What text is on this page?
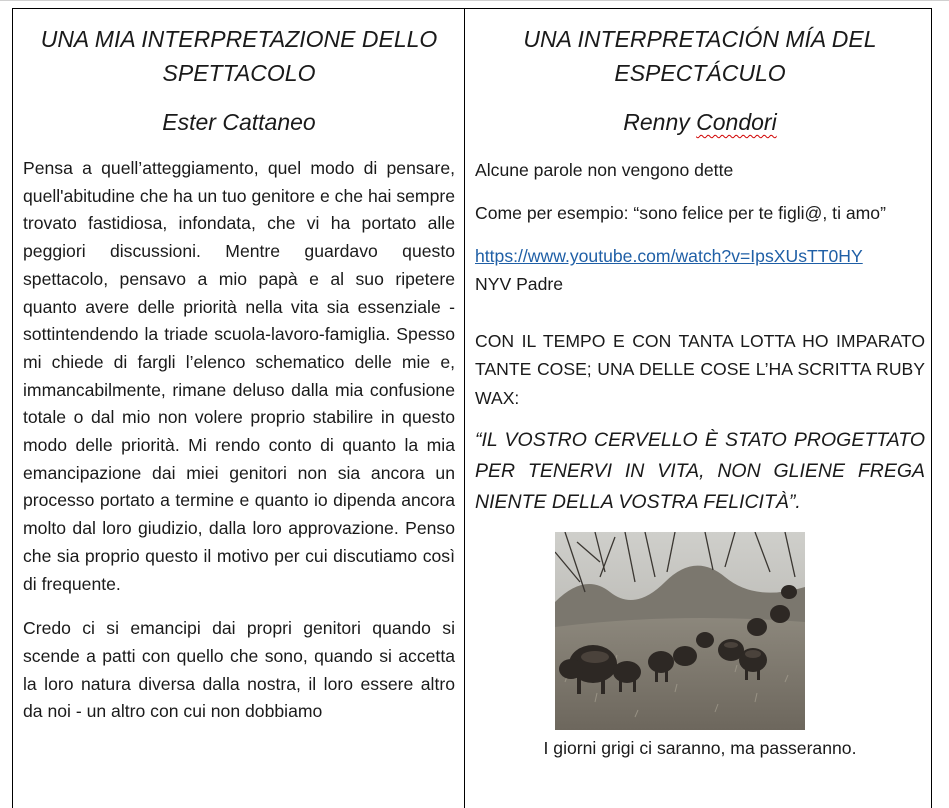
UNA MIA INTERPRETAZIONE DELLO
SPETTACOLO
Ester Cattaneo

Pensa a quell’atteggiamento, quel modo di pensare, quell'abitudine che ha un tuo genitore e che hai sempre trovato fastidiosa, infondata, che vi ha portato alle peggiori discussioni. Mentre guardavo questo spettacolo, pensavo a mio papà e al suo ripetere quanto avere delle priorità nella vita sia essenziale - sottintendendo la triade scuola-lavoro-famiglia. Spesso mi chiede di fargli l’elenco schematico delle mie e, immancabilmente, rimane deluso dalla mia confusione totale o dal mio non volere proprio stabilire in questo modo delle priorità. Mi rendo conto di quanto la mia emancipazione dai miei genitori non sia ancora un processo portato a termine e quanto io dipenda ancora molto dal loro giudizio, dalla loro approvazione. Penso che sia proprio questo il motivo per cui discutiamo così di frequente.

Credo ci si emancipi dai propri genitori quando si scende a patti con quello che sono, quando si accetta la loro natura diversa dalla nostra, il loro essere altro da noi - un altro con cui non dobbiamo

UNA INTERPRETACIÓN MÍA DEL
ESPECTÁCULO
Renny Condori

Alcune parole non vengono dette

Come per esempio: “sono felice per te figli@, ti amo”

https://www.youtube.com/watch?v=IpsXUsTT0HY

NYV Padre

CON IL TEMPO E CON TANTA LOTTA HO IMPARATO TANTE COSE; UNA DELLE COSE L’HA SCRITTA RUBY WAX:

“IL VOSTRO CERVELLO È STATO PROGETTATO PER TENERVI IN VITA, NON GLIENE FREGA NIENTE DELLA VOSTRA FELICITÀ”.

I giorni grigi ci saranno, ma passeranno.
